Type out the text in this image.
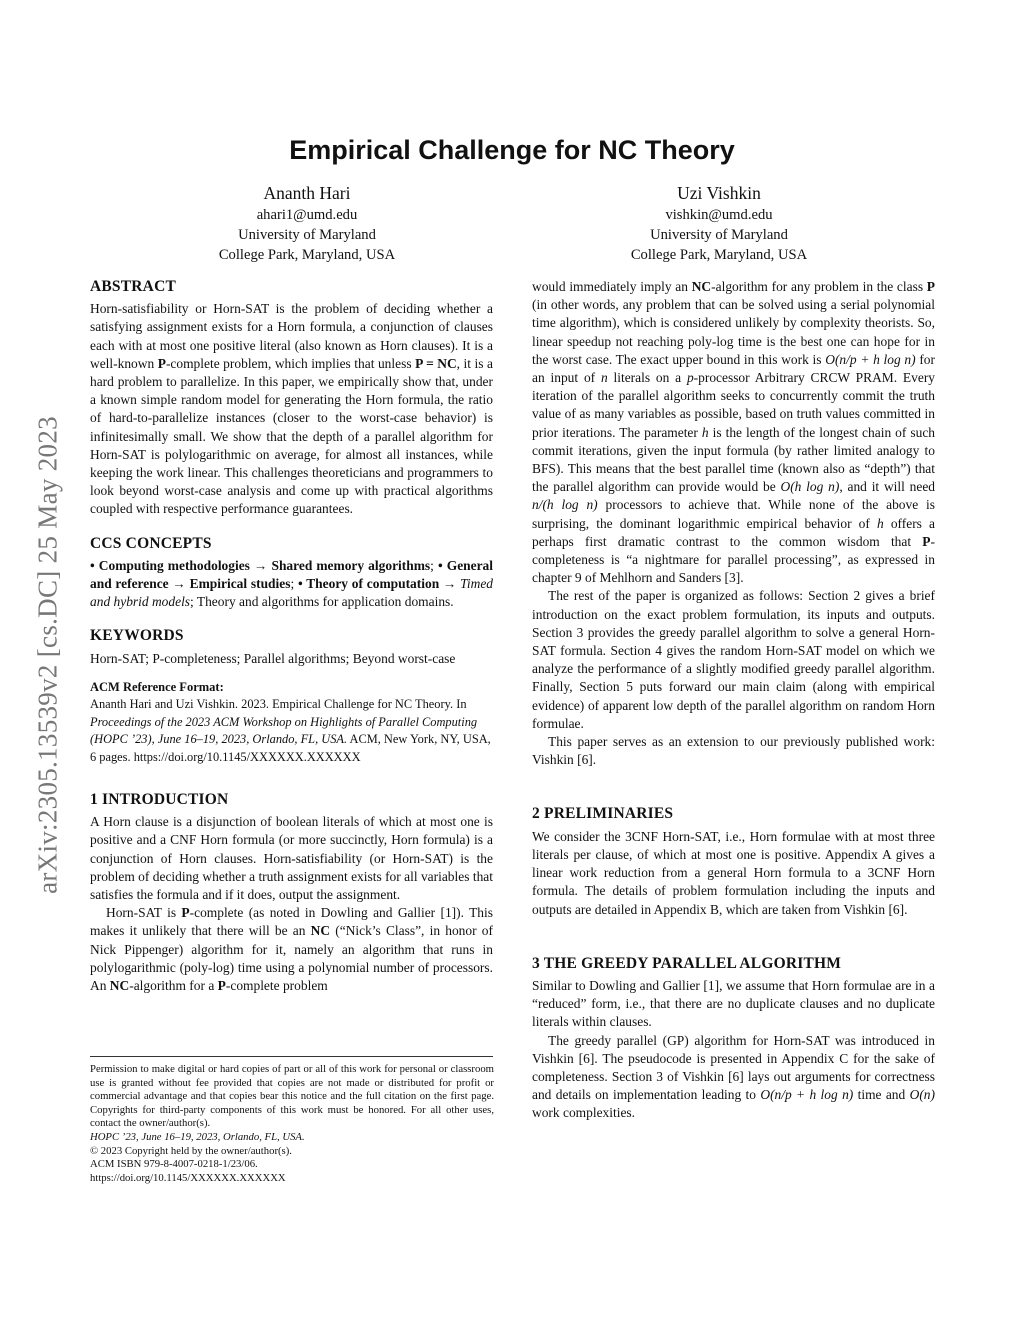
arXiv:2305.13539v2 [cs.DC] 25 May 2023
Empirical Challenge for NC Theory
Ananth Hari
ahari1@umd.edu
University of Maryland
College Park, Maryland, USA
Uzi Vishkin
vishkin@umd.edu
University of Maryland
College Park, Maryland, USA
ABSTRACT

Horn-satisfiability or Horn-SAT is the problem of deciding whether a satisfying assignment exists for a Horn formula, a conjunction of clauses each with at most one positive literal (also known as Horn clauses). It is a well-known P-complete problem, which implies that unless P = NC, it is a hard problem to parallelize. In this paper, we empirically show that, under a known simple random model for generating the Horn formula, the ratio of hard-to-parallelize instances (closer to the worst-case behavior) is infinitesimally small. We show that the depth of a parallel algorithm for Horn-SAT is polylogarithmic on average, for almost all instances, while keeping the work linear. This challenges theoreticians and programmers to look beyond worst-case analysis and come up with practical algorithms coupled with respective performance guarantees.

CCS CONCEPTS

• Computing methodologies → Shared memory algorithms; • General and reference → Empirical studies; • Theory of computation → Timed and hybrid models; Theory and algorithms for application domains.

KEYWORDS

Horn-SAT; P-completeness; Parallel algorithms; Beyond worst-case

ACM Reference Format:

Ananth Hari and Uzi Vishkin. 2023. Empirical Challenge for NC Theory. In Proceedings of the 2023 ACM Workshop on Highlights of Parallel Computing (HOPC ’23), June 16–19, 2023, Orlando, FL, USA. ACM, New York, NY, USA, 6 pages. https://doi.org/10.1145/XXXXXX.XXXXXX

1 INTRODUCTION

A Horn clause is a disjunction of boolean literals of which at most one is positive and a CNF Horn formula (or more succinctly, Horn formula) is a conjunction of Horn clauses. Horn-satisfiability (or Horn-SAT) is the problem of deciding whether a truth assignment exists for all variables that satisfies the formula and if it does, output the assignment.

Horn-SAT is P-complete (as noted in Dowling and Gallier [1]). This makes it unlikely that there will be an NC (“Nick’s Class”, in honor of Nick Pippenger) algorithm for it, namely an algorithm that runs in polylogarithmic (poly-log) time using a polynomial number of processors. An NC-algorithm for a P-complete problem

Permission to make digital or hard copies of part or all of this work for personal or classroom use is granted without fee provided that copies are not made or distributed for profit or commercial advantage and that copies bear this notice and the full citation on the first page. Copyrights for third-party components of this work must be honored. For all other uses, contact the owner/author(s).
HOPC ’23, June 16–19, 2023, Orlando, FL, USA.
© 2023 Copyright held by the owner/author(s).
ACM ISBN 979-8-4007-0218-1/23/06.
https://doi.org/10.1145/XXXXXX.XXXXXX

would immediately imply an NC-algorithm for any problem in the class P (in other words, any problem that can be solved using a serial polynomial time algorithm), which is considered unlikely by complexity theorists. So, linear speedup not reaching poly-log time is the best one can hope for in the worst case. The exact upper bound in this work is O(n/p + h log n) for an input of n literals on a p-processor Arbitrary CRCW PRAM. Every iteration of the parallel algorithm seeks to concurrently commit the truth value of as many variables as possible, based on truth values committed in prior iterations. The parameter h is the length of the longest chain of such commit iterations, given the input formula (by rather limited analogy to BFS). This means that the best parallel time (known also as “depth”) that the parallel algorithm can provide would be O(h log n), and it will need n/(h log n) processors to achieve that. While none of the above is surprising, the dominant logarithmic empirical behavior of h offers a perhaps first dramatic contrast to the common wisdom that P-completeness is “a nightmare for parallel processing”, as expressed in chapter 9 of Mehlhorn and Sanders [3].

The rest of the paper is organized as follows: Section 2 gives a brief introduction on the exact problem formulation, its inputs and outputs. Section 3 provides the greedy parallel algorithm to solve a general Horn-SAT formula. Section 4 gives the random Horn-SAT model on which we analyze the performance of a slightly modified greedy parallel algorithm. Finally, Section 5 puts forward our main claim (along with empirical evidence) of apparent low depth of the parallel algorithm on random Horn formulae.

This paper serves as an extension to our previously published work: Vishkin [6].

2 PRELIMINARIES

We consider the 3CNF Horn-SAT, i.e., Horn formulae with at most three literals per clause, of which at most one is positive. Appendix A gives a linear work reduction from a general Horn formula to a 3CNF Horn formula. The details of problem formulation including the inputs and outputs are detailed in Appendix B, which are taken from Vishkin [6].

3 THE GREEDY PARALLEL ALGORITHM

Similar to Dowling and Gallier [1], we assume that Horn formulae are in a “reduced” form, i.e., that there are no duplicate clauses and no duplicate literals within clauses.

The greedy parallel (GP) algorithm for Horn-SAT was introduced in Vishkin [6]. The pseudocode is presented in Appendix C for the sake of completeness. Section 3 of Vishkin [6] lays out arguments for correctness and details on implementation leading to O(n/p + h log n) time and O(n) work complexities.
